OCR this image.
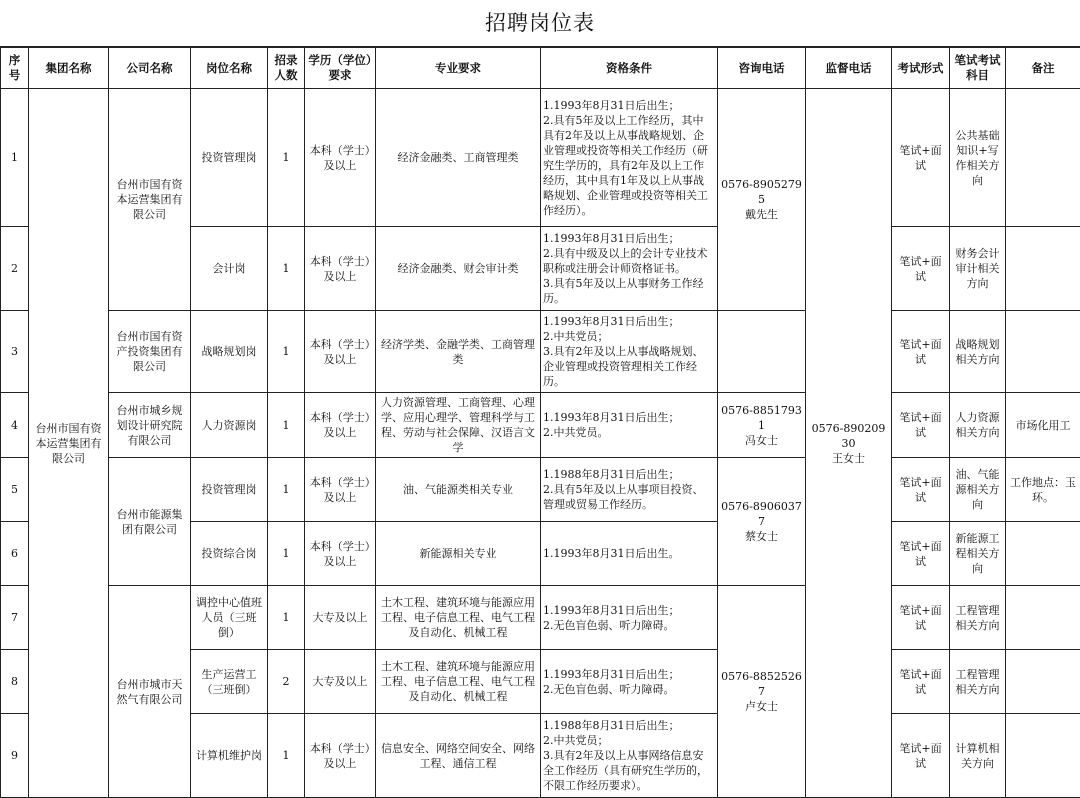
招聘岗位表
序号	集团名称	公司名称	岗位名称	招录人数	学历（学位）要求	专业要求	资格条件	咨询电话	监督电话	考试形式	笔试考试科目	备注
1	台州市国有资本运营集团有限公司	台州市国有资本运营集团有限公司	投资管理岗	1	本科（学士）及以上	经济金融类、工商管理类	1.1993年8月31日后出生；
2.具有5年及以上工作经历，其中具有2年及以上从事战略规划、企业管理或投资等相关工作经历（研究生学历的，具有2年及以上工作经历，其中具有1年及以上从事战略规划、企业管理或投资等相关工作经历）。	0576-89052795
戴先生	0576-89020930
王女士	笔试+面试	公共基础知识+写作相关方向	
2			会计岗	1	本科（学士）及以上	经济金融类、财会审计类	1.1993年8月31日后出生；
2.具有中级及以上的会计专业技术职称或注册会计师资格证书。
3.具有5年及以上从事财务工作经历。			笔试+面试	财务会计审计相关方向	
3		台州市国有资产投资集团有限公司	战略规划岗	1	本科（学士）及以上	经济学类、金融学类、工商管理类	1.1993年8月31日后出生；
2.中共党员；
3.具有2年及以上从事战略规划、企业管理或投资管理相关工作经历。			笔试+面试	战略规划相关方向	
4		台州市城乡规划设计研究院有限公司	人力资源岗	1	本科（学士）及以上	人力资源管理、工商管理、心理学、应用心理学、管理科学与工程、劳动与社会保障、汉语言文学	1.1993年8月31日后出生；
2.中共党员。	0576-88517931
冯女士		笔试+面试	人力资源相关方向	市场化用工
5		台州市能源集团有限公司	投资管理岗	1	本科（学士）及以上	油、气能源类相关专业	1.1988年8月31日后出生；
2.具有5年及以上从事项目投资、管理或贸易工作经历。	0576-89060377
蔡女士		笔试+面试	油、气能源相关方向	工作地点：玉环。
6			投资综合岗	1	本科（学士）及以上	新能源相关专业	1.1993年8月31日后出生。			笔试+面试	新能源工程相关方向	
7		台州市城市天然气有限公司	调控中心值班人员（三班倒）	1	大专及以上	土木工程、建筑环境与能源应用工程、电子信息工程、电气工程及自动化、机械工程	1.1993年8月31日后出生；
2.无色盲色弱、听力障碍。	0576-88525267
卢女士		笔试+面试	工程管理相关方向	
8			生产运营工（三班倒）	2	大专及以上	土木工程、建筑环境与能源应用工程、电子信息工程、电气工程及自动化、机械工程	1.1993年8月31日后出生；
2.无色盲色弱、听力障碍。			笔试+面试	工程管理相关方向	
9			计算机维护岗	1	本科（学士）及以上	信息安全、网络空间安全、网络工程、通信工程	1.1988年8月31日后出生；
2.中共党员；
3.具有2年及以上从事网络信息安全工作经历（具有研究生学历的，不限工作经历要求）。			笔试+面试	计算机相关方向	
